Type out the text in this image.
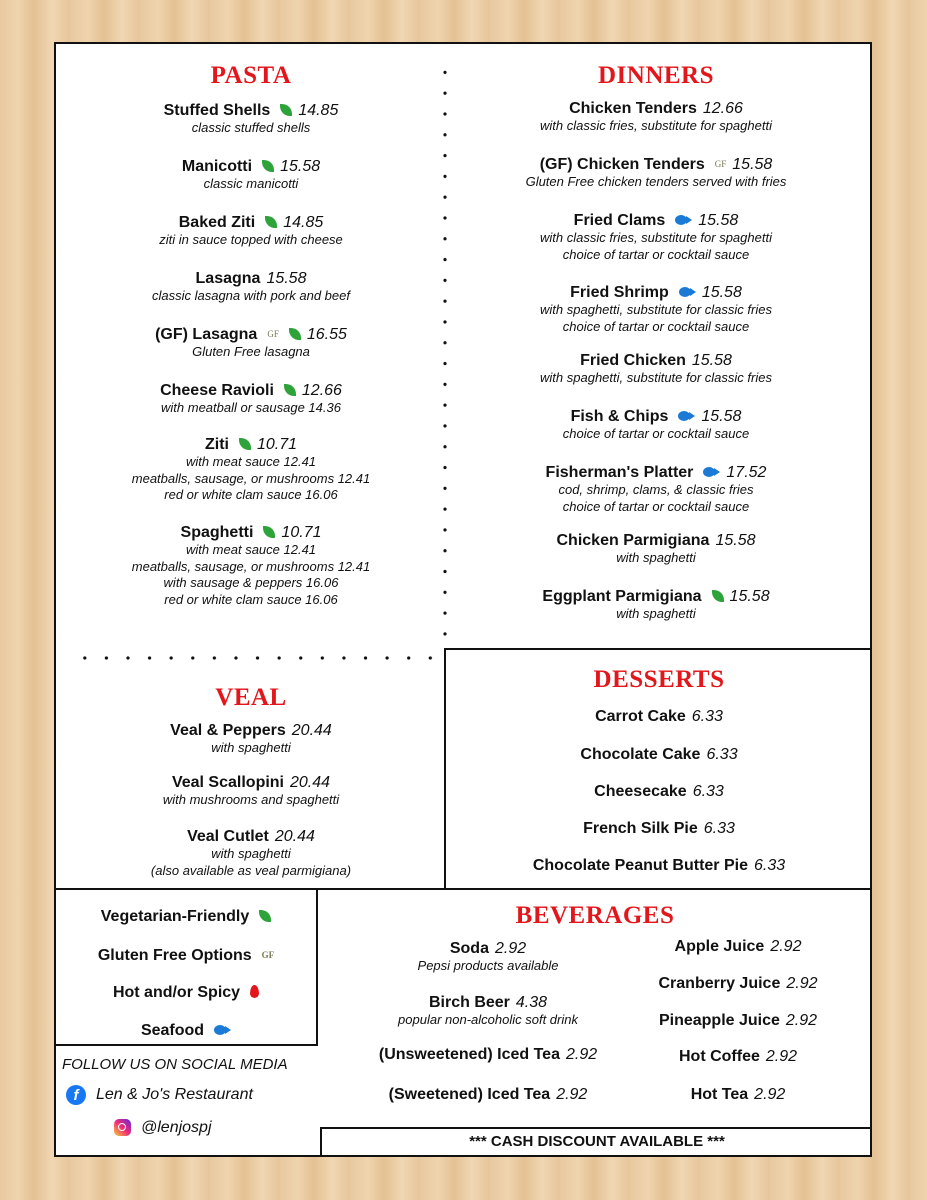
PASTA
Stuffed Shells 14.85
classic stuffed shells
Manicotti 15.58
classic manicotti
Baked Ziti 14.85
ziti in sauce topped with cheese
Lasagna 15.58
classic lasagna with pork and beef
(GF) Lasagna GF 16.55
Gluten Free lasagna
Cheese Ravioli 12.66
with meatball or sausage 14.36
Ziti 10.71
with meat sauce 12.41
meatballs, sausage, or mushrooms 12.41
red or white clam sauce 16.06
Spaghetti 10.71
with meat sauce 12.41
meatballs, sausage, or mushrooms 12.41
with sausage & peppers 16.06
red or white clam sauce 16.06
DINNERS
Chicken Tenders 12.66
with classic fries, substitute for spaghetti
(GF) Chicken Tenders GF 15.58
Gluten Free chicken tenders served with fries
Fried Clams 15.58
with classic fries, substitute for spaghetti
choice of tartar or cocktail sauce
Fried Shrimp 15.58
with spaghetti, substitute for classic fries
choice of tartar or cocktail sauce
Fried Chicken 15.58
with spaghetti, substitute for classic fries
Fish & Chips 15.58
choice of tartar or cocktail sauce
Fisherman's Platter 17.52
cod, shrimp, clams, & classic fries
choice of tartar or cocktail sauce
Chicken Parmigiana 15.58
with spaghetti
Eggplant Parmigiana 15.58
with spaghetti
VEAL
Veal & Peppers 20.44
with spaghetti
Veal Scallopini 20.44
with mushrooms and spaghetti
Veal Cutlet 20.44
with spaghetti
(also available as veal parmigiana)
DESSERTS
Carrot Cake 6.33
Chocolate Cake 6.33
Cheesecake 6.33
French Silk Pie 6.33
Chocolate Peanut Butter Pie 6.33
Vegetarian-Friendly
Gluten Free Options GF
Hot and/or Spicy
Seafood
FOLLOW US ON SOCIAL MEDIA
f Len & Jo's Restaurant
@lenjospj
BEVERAGES
Soda 2.92
Pepsi products available
Birch Beer 4.38
popular non-alcoholic soft drink
(Unsweetened) Iced Tea 2.92
(Sweetened) Iced Tea 2.92
Apple Juice 2.92
Cranberry Juice 2.92
Pineapple Juice 2.92
Hot Coffee 2.92
Hot Tea 2.92
*** CASH DISCOUNT AVAILABLE ***
